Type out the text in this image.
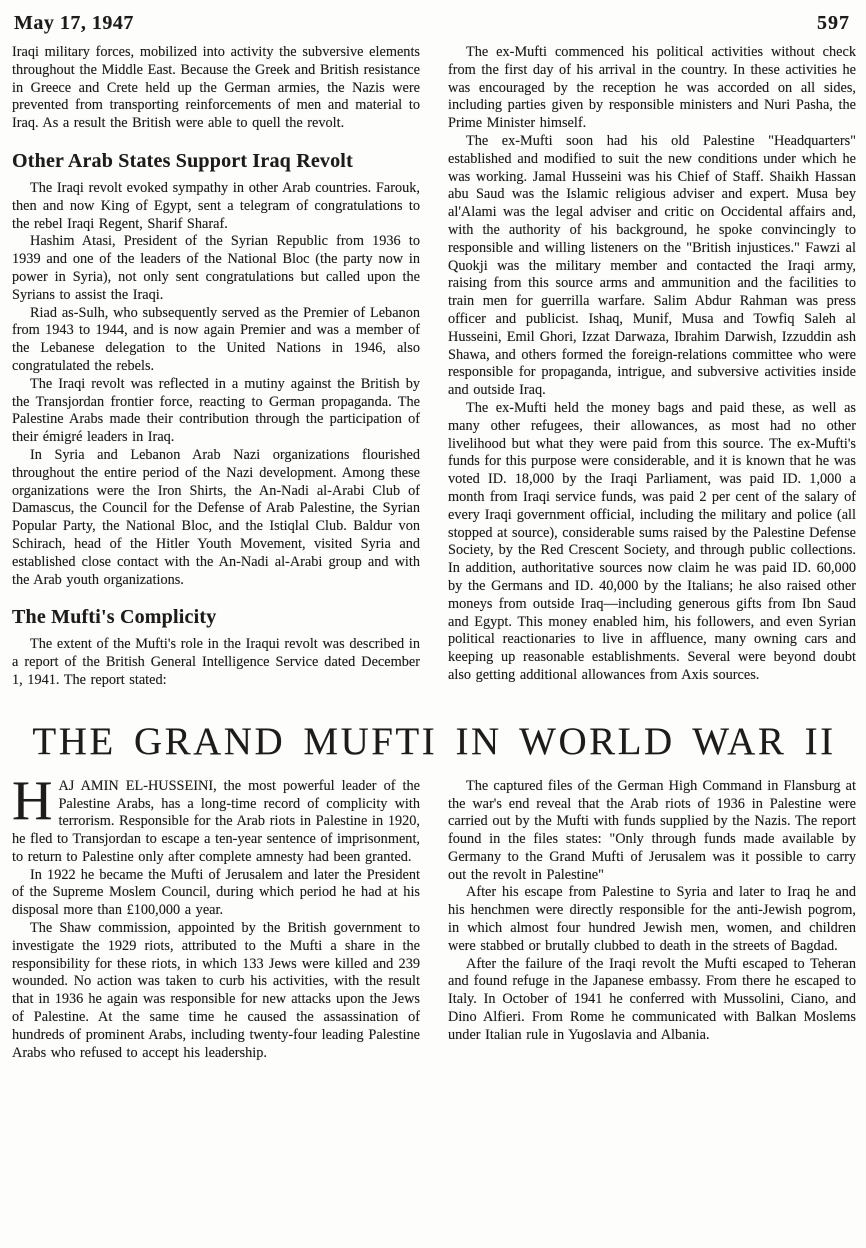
May 17, 1947	597

Iraqi military forces, mobilized into activity the subversive elements throughout the Middle East. Because the Greek and British resistance in Greece and Crete held up the German armies, the Nazis were prevented from transporting reinforcements of men and material to Iraq. As a result the British were able to quell the revolt.

Other Arab States Support Iraq Revolt

The Iraqi revolt evoked sympathy in other Arab countries. Farouk, then and now King of Egypt, sent a telegram of congratulations to the rebel Iraqi Regent, Sharif Sharaf.

Hashim Atasi, President of the Syrian Republic from 1936 to 1939 and one of the leaders of the National Bloc (the party now in power in Syria), not only sent congratulations but called upon the Syrians to assist the Iraqi.

Riad as-Sulh, who subsequently served as the Premier of Lebanon from 1943 to 1944, and is now again Premier and was a member of the Lebanese delegation to the United Nations in 1946, also congratulated the rebels.

The Iraqi revolt was reflected in a mutiny against the British by the Transjordan frontier force, reacting to German propaganda. The Palestine Arabs made their contribution through the participation of their émigré leaders in Iraq.

In Syria and Lebanon Arab Nazi organizations flourished throughout the entire period of the Nazi development. Among these organizations were the Iron Shirts, the An-Nadi al-Arabi Club of Damascus, the Council for the Defense of Arab Palestine, the Syrian Popular Party, the National Bloc, and the Istiqlal Club. Baldur von Schirach, head of the Hitler Youth Movement, visited Syria and established close contact with the An-Nadi al-Arabi group and with the Arab youth organizations.

The Mufti's Complicity

The extent of the Mufti's role in the Iraqui revolt was described in a report of the British General Intelligence Service dated December 1, 1941. The report stated:

The ex-Mufti commenced his political activities without check from the first day of his arrival in the country. In these activities he was encouraged by the reception he was accorded on all sides, including parties given by responsible ministers and Nuri Pasha, the Prime Minister himself.

The ex-Mufti soon had his old Palestine "Headquarters" established and modified to suit the new conditions under which he was working. Jamal Husseini was his Chief of Staff. Shaikh Hassan abu Saud was the Islamic religious adviser and expert. Musa bey al'Alami was the legal adviser and critic on Occidental affairs and, with the authority of his background, he spoke convincingly to responsible and willing listeners on the "British injustices." Fawzi al Quokji was the military member and contacted the Iraqi army, raising from this source arms and ammunition and the facilities to train men for guerrilla warfare. Salim Abdur Rahman was press officer and publicist. Ishaq, Munif, Musa and Towfiq Saleh al Husseini, Emil Ghori, Izzat Darwaza, Ibrahim Darwish, Izzuddin ash Shawa, and others formed the foreign-relations committee who were responsible for propaganda, intrigue, and subversive activities inside and outside Iraq.

The ex-Mufti held the money bags and paid these, as well as many other refugees, their allowances, as most had no other livelihood but what they were paid from this source. The ex-Mufti's funds for this purpose were considerable, and it is known that he was voted ID. 18,000 by the Iraqi Parliament, was paid ID. 1,000 a month from Iraqi service funds, was paid 2 per cent of the salary of every Iraqi government official, including the military and police (all stopped at source), considerable sums raised by the Palestine Defense Society, by the Red Crescent Society, and through public collections. In addition, authoritative sources now claim he was paid ID. 60,000 by the Germans and ID. 40,000 by the Italians; he also raised other moneys from outside Iraq—including generous gifts from Ibn Saud and Egypt. This money enabled him, his followers, and even Syrian political reactionaries to live in affluence, many owning cars and keeping up reasonable establishments. Several were beyond doubt also getting additional allowances from Axis sources.

THE GRAND MUFTI IN WORLD WAR II

HAJ AMIN EL-HUSSEINI, the most powerful leader of the Palestine Arabs, has a long-time record of complicity with terrorism. Responsible for the Arab riots in Palestine in 1920, he fled to Transjordan to escape a ten-year sentence of imprisonment, to return to Palestine only after complete amnesty had been granted.

In 1922 he became the Mufti of Jerusalem and later the President of the Supreme Moslem Council, during which period he had at his disposal more than £100,000 a year.

The Shaw commission, appointed by the British government to investigate the 1929 riots, attributed to the Mufti a share in the responsibility for these riots, in which 133 Jews were killed and 239 wounded. No action was taken to curb his activities, with the result that in 1936 he again was responsible for new attacks upon the Jews of Palestine. At the same time he caused the assassination of hundreds of prominent Arabs, including twenty-four leading Palestine Arabs who refused to accept his leadership.

The captured files of the German High Command in Flansburg at the war's end reveal that the Arab riots of 1936 in Palestine were carried out by the Mufti with funds supplied by the Nazis. The report found in the files states: "Only through funds made available by Germany to the Grand Mufti of Jerusalem was it possible to carry out the revolt in Palestine"

After his escape from Palestine to Syria and later to Iraq he and his henchmen were directly responsible for the anti-Jewish pogrom, in which almost four hundred Jewish men, women, and children were stabbed or brutally clubbed to death in the streets of Bagdad.

After the failure of the Iraqi revolt the Mufti escaped to Teheran and found refuge in the Japanese embassy. From there he escaped to Italy. In October of 1941 he conferred with Mussolini, Ciano, and Dino Alfieri. From Rome he communicated with Balkan Moslems under Italian rule in Yugoslavia and Albania.
